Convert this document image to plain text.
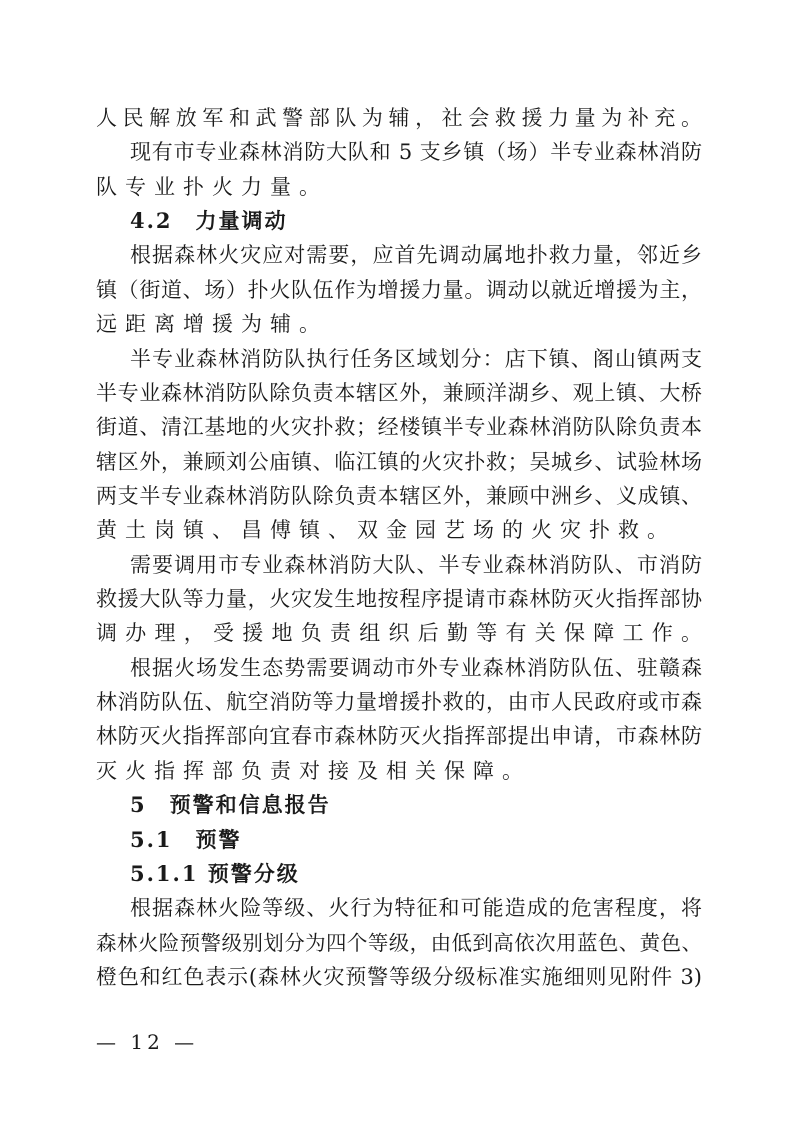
人民解放军和武警部队为辅，社会救援力量为补充。
现有市专业森林消防大队和 5 支乡镇（场）半专业森林消防
队专业扑火力量。
4.2　力量调动
根据森林火灾应对需要，应首先调动属地扑救力量，邻近乡
镇（街道、场）扑火队伍作为增援力量。调动以就近增援为主，
远距离增援为辅。
半专业森林消防队执行任务区域划分：店下镇、阁山镇两支
半专业森林消防队除负责本辖区外，兼顾洋湖乡、观上镇、大桥
街道、清江基地的火灾扑救；经楼镇半专业森林消防队除负责本
辖区外，兼顾刘公庙镇、临江镇的火灾扑救；吴城乡、试验林场
两支半专业森林消防队除负责本辖区外，兼顾中洲乡、义成镇、
黄土岗镇、昌傅镇、双金园艺场的火灾扑救。
需要调用市专业森林消防大队、半专业森林消防队、市消防
救援大队等力量，火灾发生地按程序提请市森林防灭火指挥部协
调办理，受援地负责组织后勤等有关保障工作。
根据火场发生态势需要调动市外专业森林消防队伍、驻赣森
林消防队伍、航空消防等力量增援扑救的，由市人民政府或市森
林防灭火指挥部向宜春市森林防灭火指挥部提出申请，市森林防
灭火指挥部负责对接及相关保障。
5　预警和信息报告
5.1　预警
5.1.1 预警分级
根据森林火险等级、火行为特征和可能造成的危害程度，将
森林火险预警级别划分为四个等级，由低到高依次用蓝色、黄色、
橙色和红色表示(森林火灾预警等级分级标准实施细则见附件 3)
— 12 —
